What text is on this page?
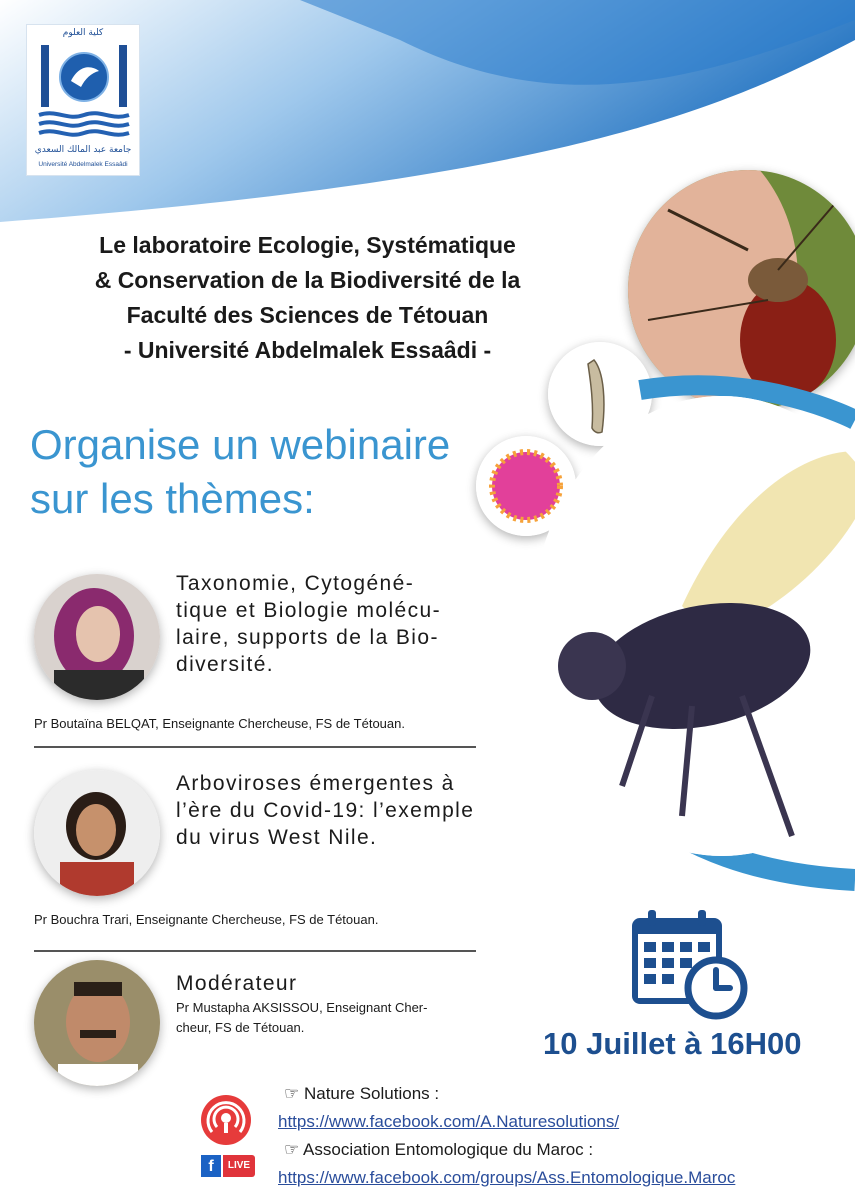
كلية العلوم
جامعة عبد المالك السعدي
Université Abdelmalek Essaâdi
Le laboratoire Ecologie, Systématique
& Conservation de la Biodiversité de la
Faculté des Sciences de Tétouan
- Université Abdelmalek Essaâdi -
Organise un webinaire
sur les thèmes:
Taxonomie, Cytogéné-
tique et Biologie molécu-
laire, supports de la Bio-
diversité.
Pr Boutaïna BELQAT, Enseignante Chercheuse, FS de Tétouan.
Arboviroses émergentes à
l’ère du Covid-19: l’exemple
du virus West Nile.
Pr Bouchra Trari, Enseignante Chercheuse, FS de Tétouan.
Modérateur
Pr Mustapha AKSISSOU, Enseignant Cher-
cheur, FS de Tétouan.	10 Juillet à 16H00
f	LIVE
☞ Nature Solutions :
https://www.facebook.com/A.Naturesolutions/
☞ Association Entomologique du Maroc :
https://www.facebook.com/groups/Ass.Entomologique.Maroc
